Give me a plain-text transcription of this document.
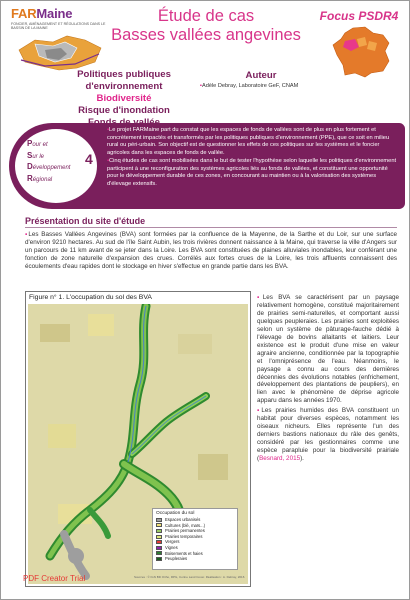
FARMaine
FONCIER, AMÉNAGEMENT ET RÉGULATIONS DANS LE BASSIN DE LA MAINE
Étude de cas
Basses vallées angevines
Focus PSDR4
Politiques publiques
d'environnement
Biodiversité
Risque d'inondation
Auteur
▪Adèle Debray, Laboratoire GeF, CNAM
Pour et
Sur le
Développement
Régional
4

▪Le projet FARMaine part du constat que les espaces de fonds de vallées sont de plus en plus fortement et concrètement impactés et transformés par les politiques publiques d'environnement (PPE), que ce soit en milieu rural ou péri-urbain. Son objectif est de questionner les effets de ces politiques sur les systèmes et le foncier agricoles dans les espaces de fonds de vallée.

▪Cinq études de cas sont mobilisées dans le but de tester l'hypothèse selon laquelle les politiques d'environnement participent à une reconfiguration des systèmes agricoles liés au fonds de vallées, et constituent une opportunité pour le développement durable de ces zones, en concourant au maintien ou à la valorisation des systèmes d'élevage extensifs.

Présentation du site d'étude
▪Les Basses Vallées Angevines (BVA) sont formées par la confluence de la Mayenne, de la Sarthe et du Loir, sur une surface d'environ 9210 hectares. Au sud de l'île Saint Aubin, les trois rivières donnent naissance à la Maine, qui traverse la ville d'Angers sur un parcours de 11 km avant de se jeter dans la Loire. Les BVA sont constituées de plaines alluviales inondables, leur conférant une fonction de zone naturelle d'expansion des crues. Corrélés aux fortes crues de la Loire, les trois affluents connaissent des écoulements d'eau rapides dont le stockage en hiver s'effectue en grande partie dans les BVA.
Figure n° 1. L'occupation du sol des BVA
Occupation du sol
Espaces urbanisés
Cultures (blé, maïs...)
Prairies permanentes
Prairies temporaires
Vergers
Vignes
Boisements et haies
Peupleraies
Sources : © IGN BD Ortho, RPG, Corine Land Cover. Réalisation : A. Debray, 2016

▪Les BVA se caractérisent par un paysage relativement homogène, constitué majoritairement de prairies semi-naturelles, et comportant aussi quelques peupleraies. Les prairies sont exploitées selon un système de pâturage-fauche dédié à l'élevage de bovins allaitants et laitiers. Leur existence est le produit d'une mise en valeur agraire ancienne, conditionnée par la topographie et l'omniprésence de l'eau. Néanmoins, le paysage a connu au cours des dernières décennies des évolutions notables (enfrichement, développement des plantations de peupliers), en lien avec le phénomène de déprise agricole apparu dans les années 1970.

▪Les prairies humides des BVA constituent un habitat pour diverses espèces, notamment les oiseaux nicheurs. Elles représente l'un des derniers bastions nationaux du râle des genêts, considéré par les gestionnaires comme une espèce parapluie pour la biodiversité prairiale (Besnard, 2015).

PDF Creator Trial
